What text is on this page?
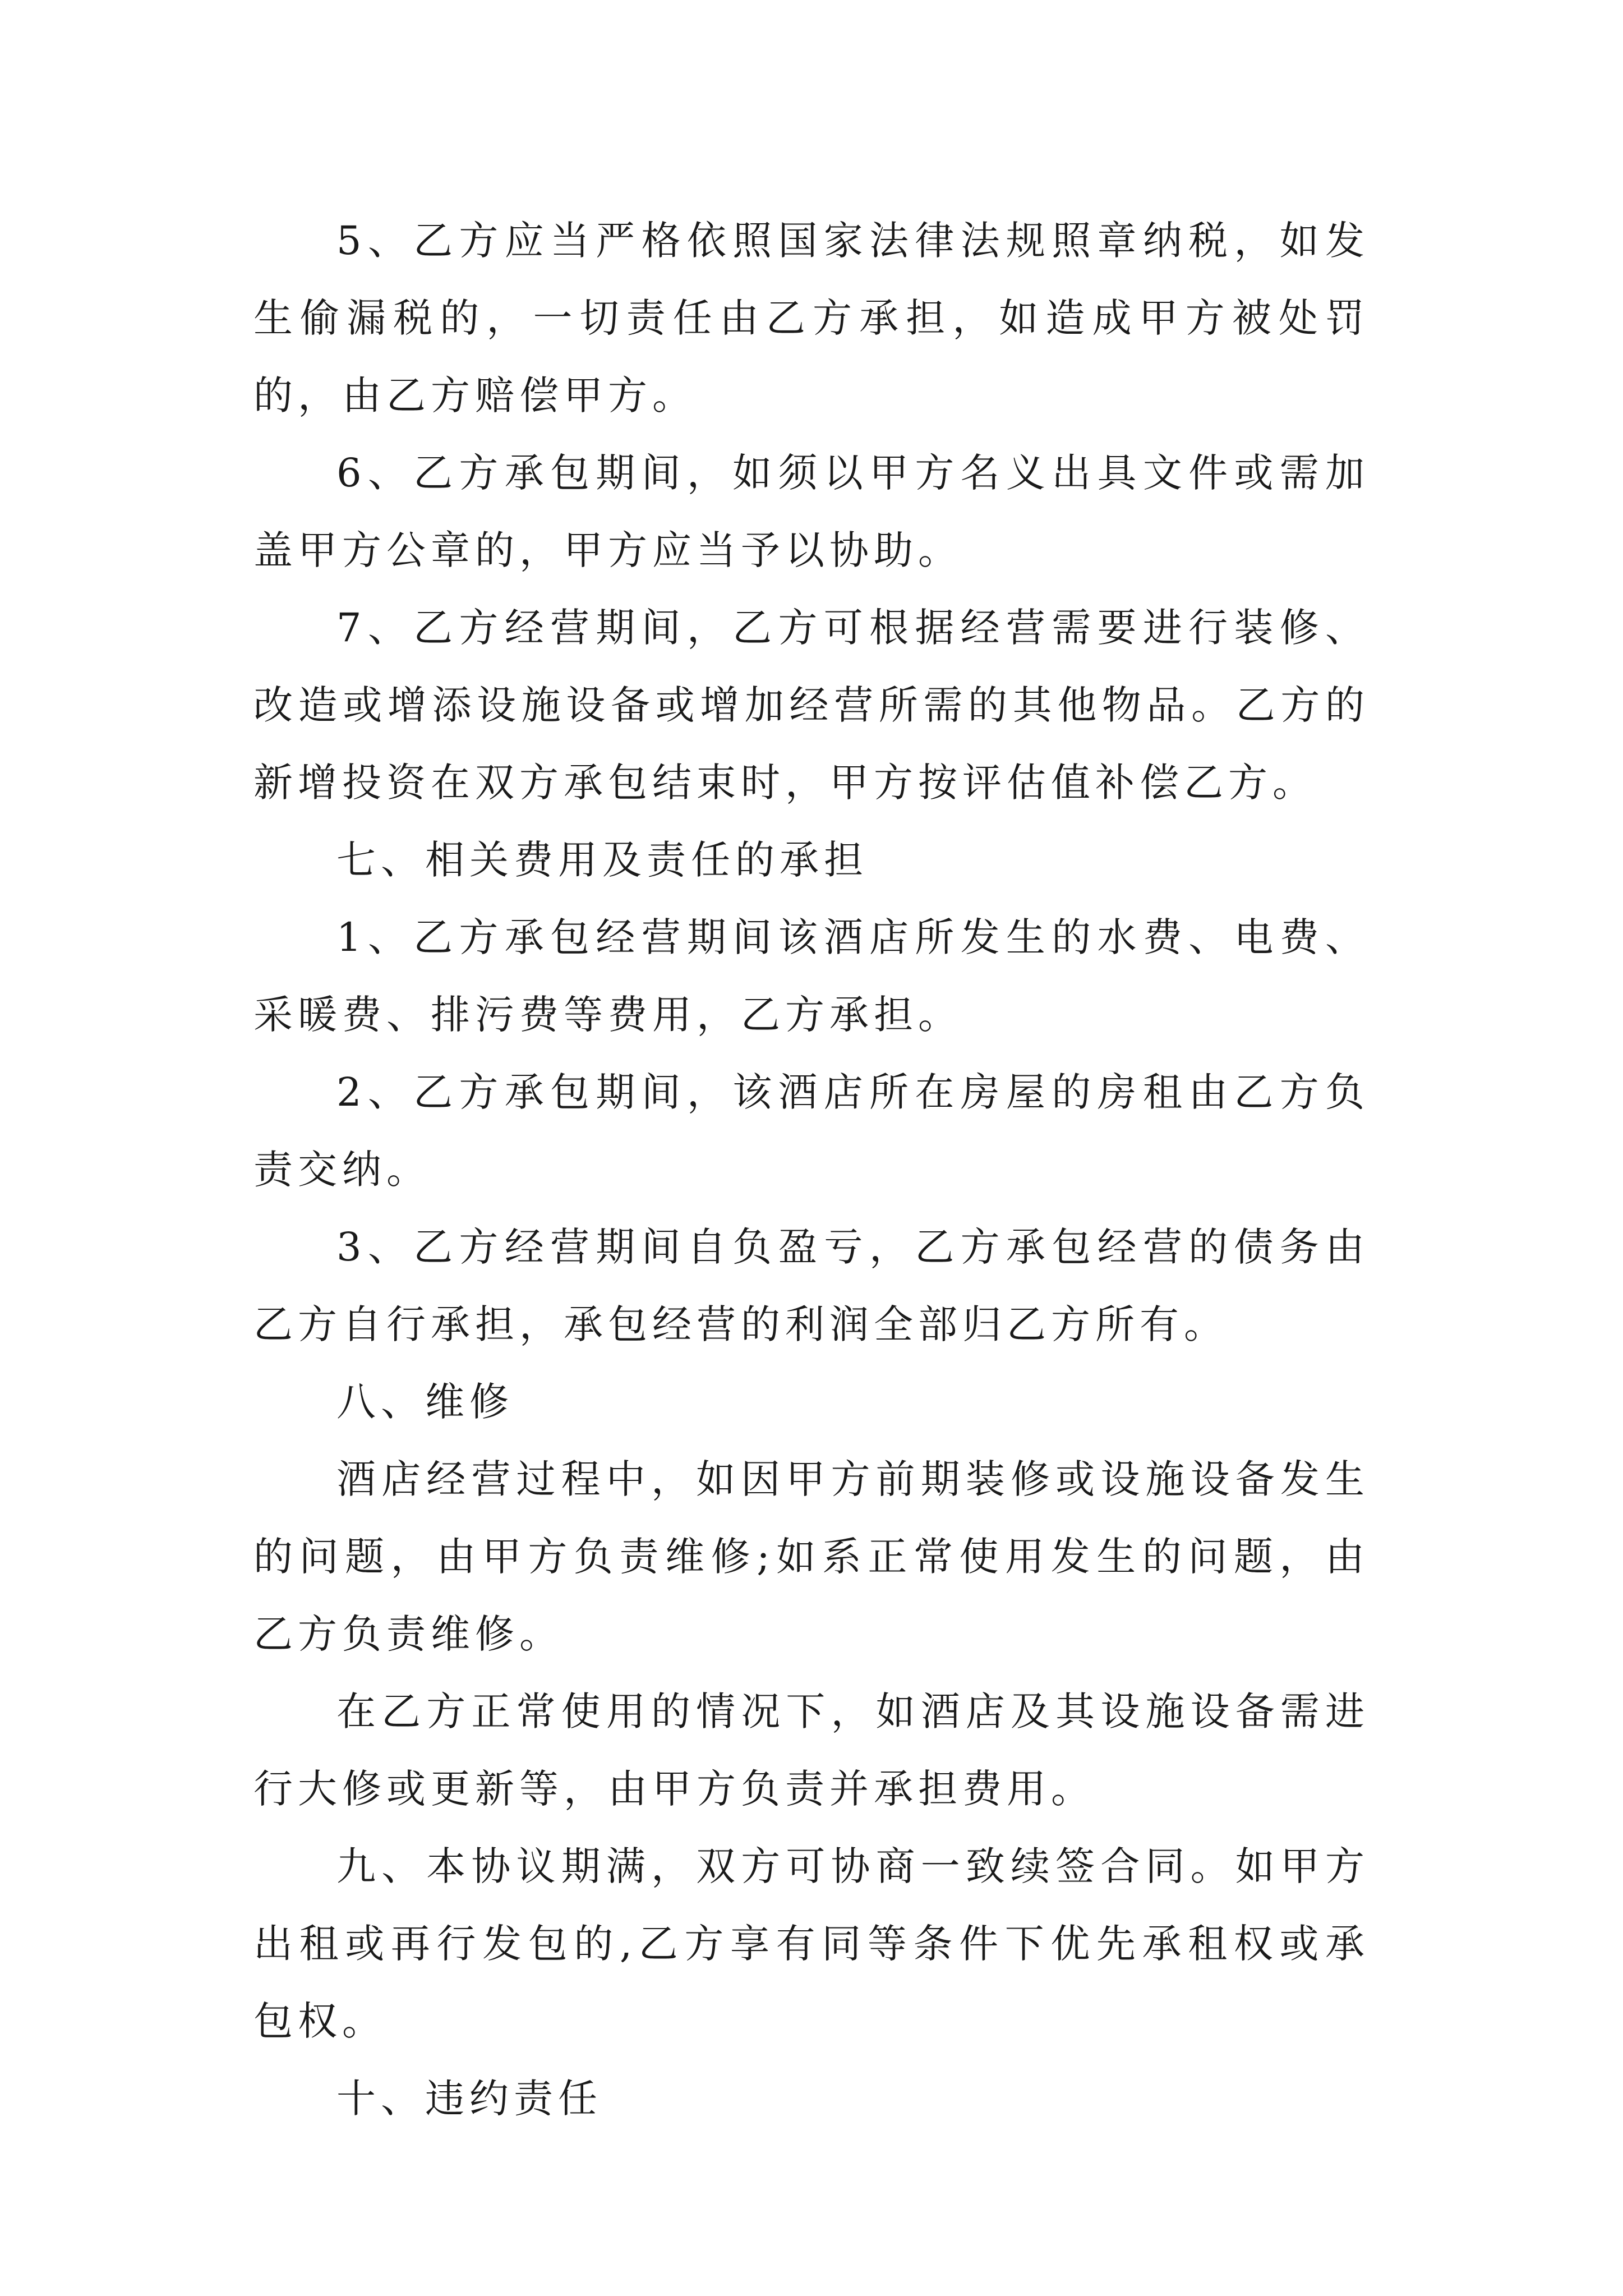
5、乙方应当严格依照国家法律法规照章纳税，如发生偷漏税的，一切责任由乙方承担，如造成甲方被处罚的，由乙方赔偿甲方。

6、乙方承包期间，如须以甲方名义出具文件或需加盖甲方公章的，甲方应当予以协助。

7、乙方经营期间，乙方可根据经营需要进行装修、改造或增添设施设备或增加经营所需的其他物品。乙方的新增投资在双方承包结束时，甲方按评估值补偿乙方。

七、相关费用及责任的承担

1、乙方承包经营期间该酒店所发生的水费、电费、采暖费、排污费等费用，乙方承担。

2、乙方承包期间，该酒店所在房屋的房租由乙方负责交纳。

3、乙方经营期间自负盈亏，乙方承包经营的债务由乙方自行承担，承包经营的利润全部归乙方所有。

八、维修

酒店经营过程中，如因甲方前期装修或设施设备发生的问题，由甲方负责维修;如系正常使用发生的问题，由乙方负责维修。

在乙方正常使用的情况下，如酒店及其设施设备需进行大修或更新等，由甲方负责并承担费用。

九、本协议期满，双方可协商一致续签合同。如甲方出租或再行发包的,乙方享有同等条件下优先承租权或承包权。

十、违约责任
